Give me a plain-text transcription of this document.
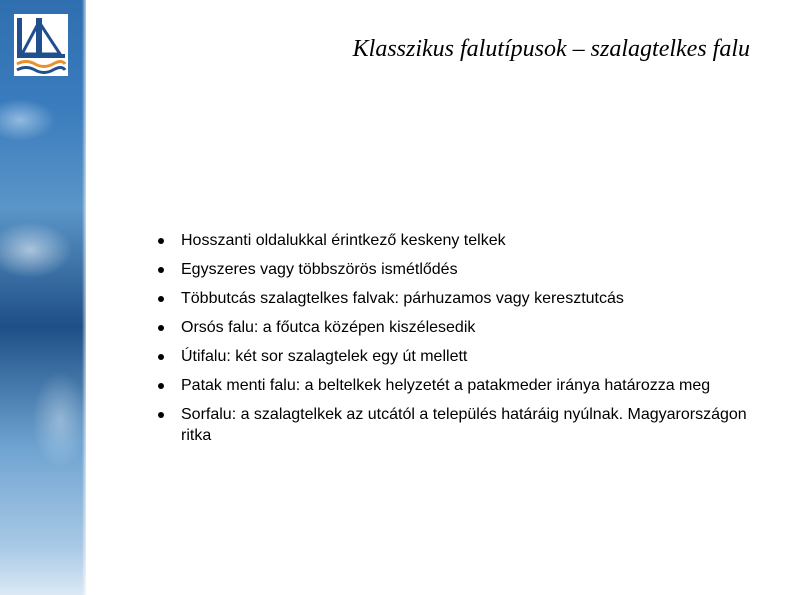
Klasszikus falutípusok – szalagtelkes falu
Hosszanti oldalukkal érintkező keskeny telkek
Egyszeres vagy többszörös ismétlődés
Többutcás szalagtelkes falvak: párhuzamos vagy keresztutcás
Orsós falu: a főutca középen kiszélesedik
Útifalu: két sor szalagtelek egy út mellett
Patak menti falu: a beltelkek helyzetét a patakmeder iránya határozza meg
Sorfalu: a szalagtelkek az utcától a település határáig nyúlnak. Magyarországon ritka
